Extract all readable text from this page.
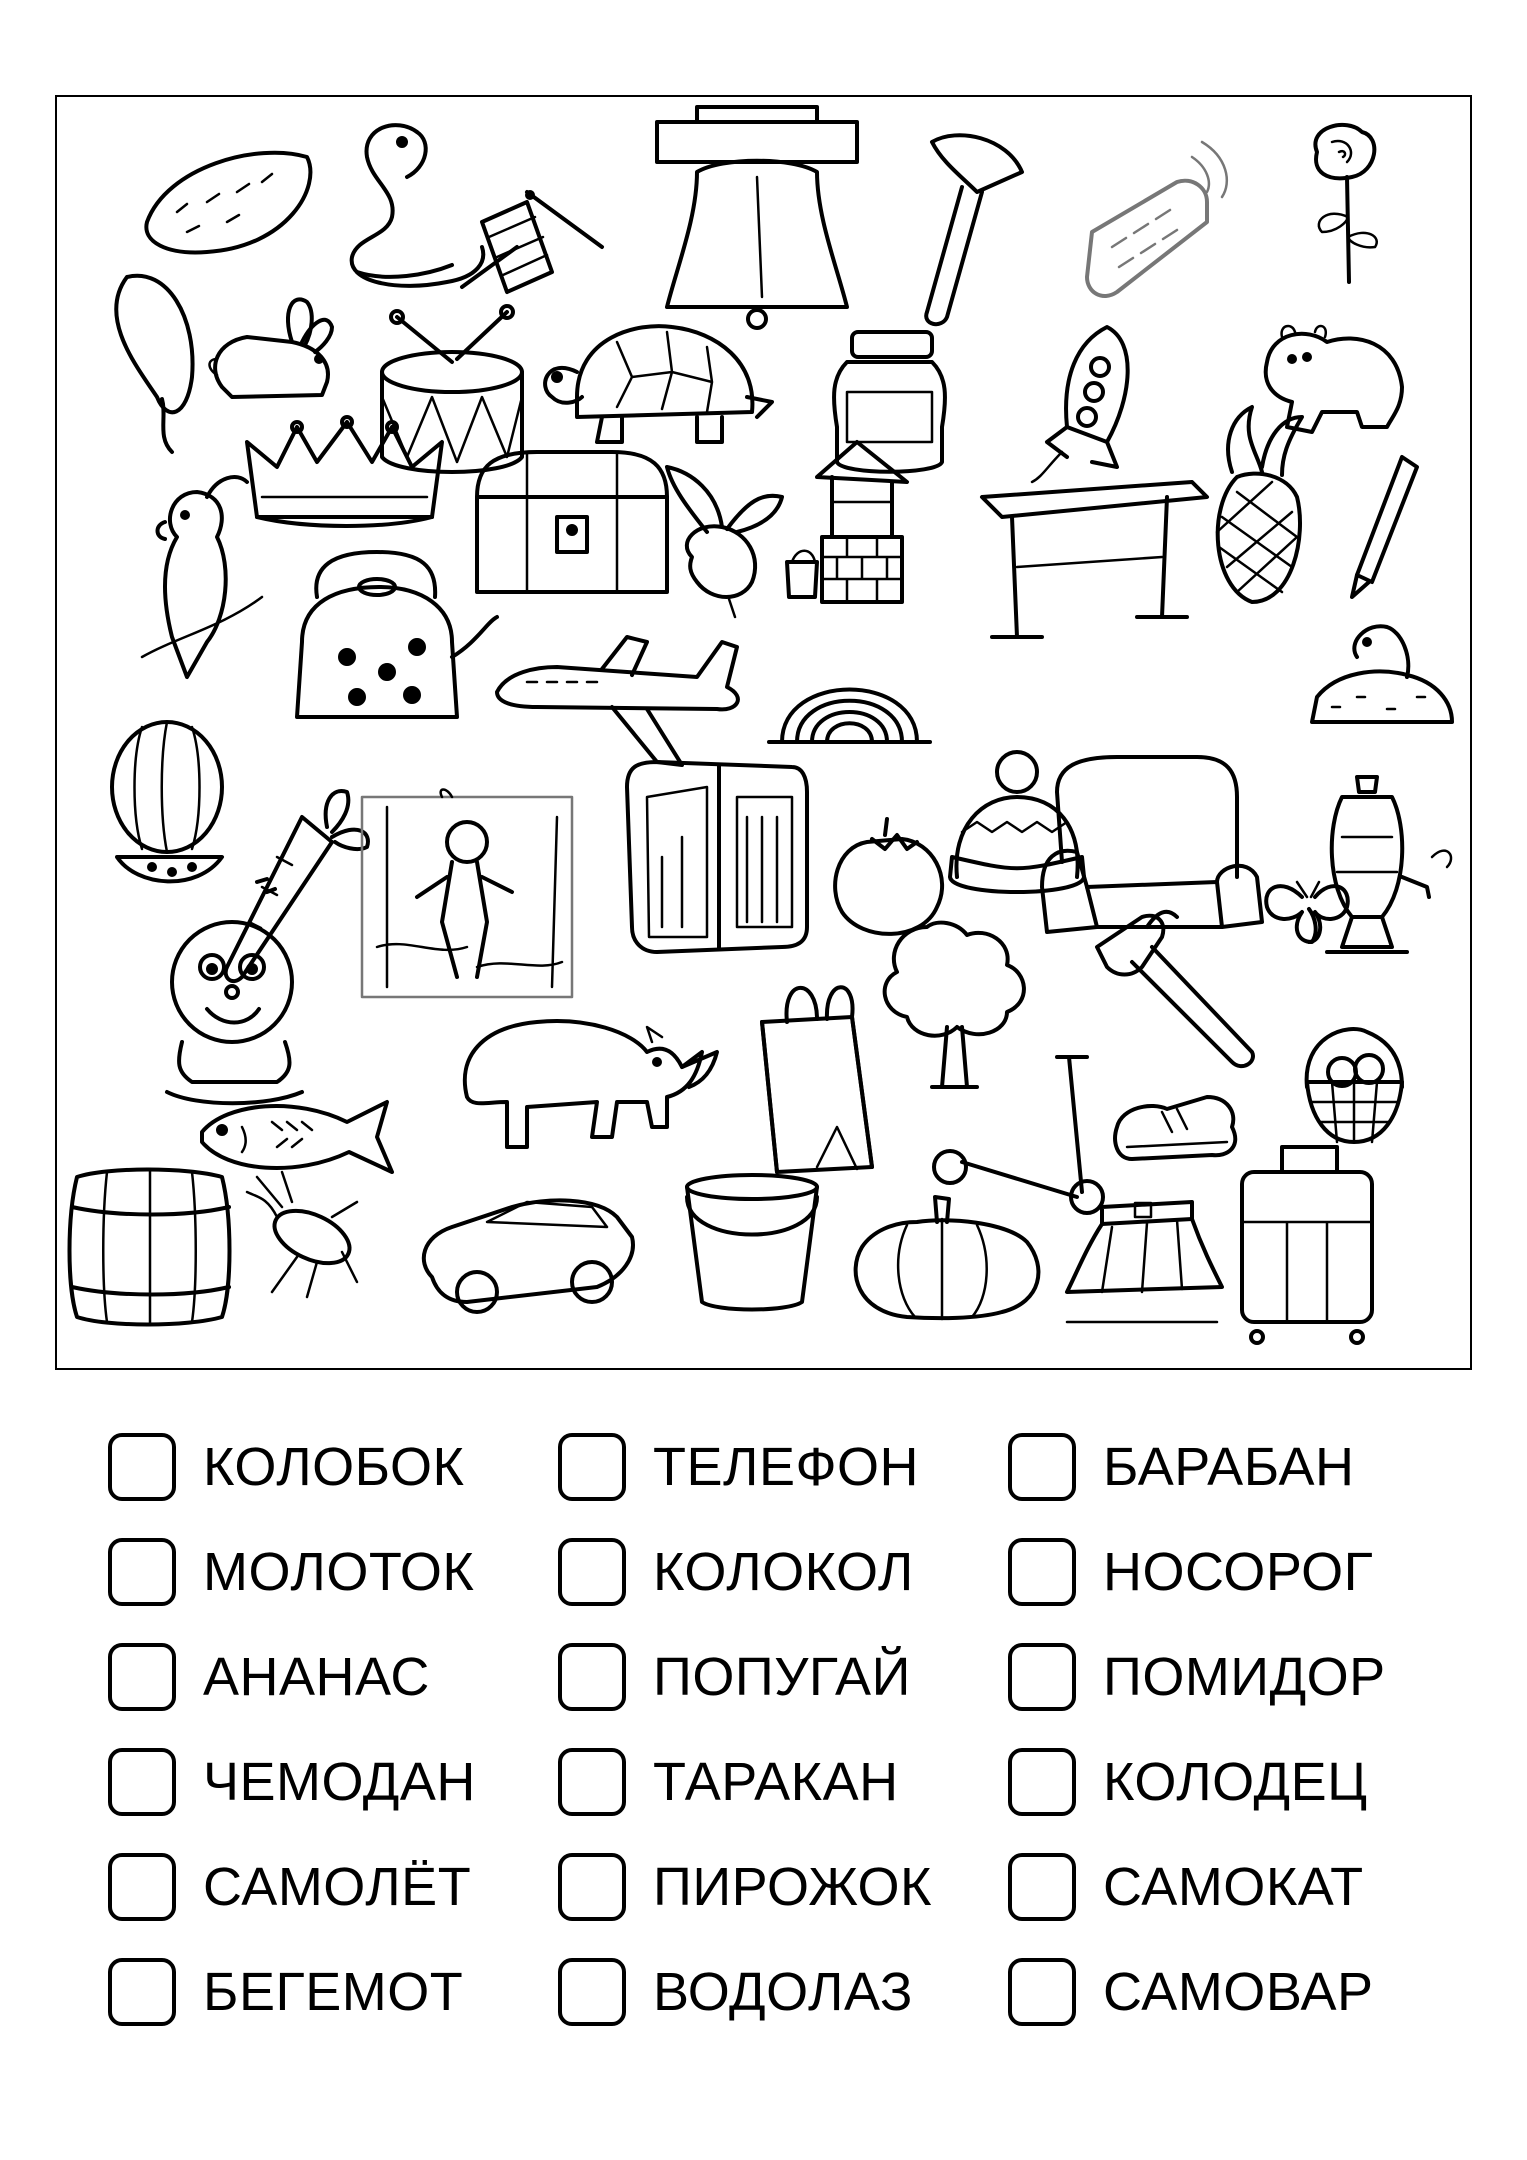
КОЛОБОК
МОЛОТОК
АНАНАС
ЧЕМОДАН
САМОЛЁТ
БЕГЕМОТ
ТЕЛЕФОН
КОЛОКОЛ
ПОПУГАЙ
ТАРАКАН
ПИРОЖОК
ВОДОЛАЗ
БАРАБАН
НОСОРОГ
ПОМИДОР
КОЛОДЕЦ
САМОКАТ
САМОВАР
